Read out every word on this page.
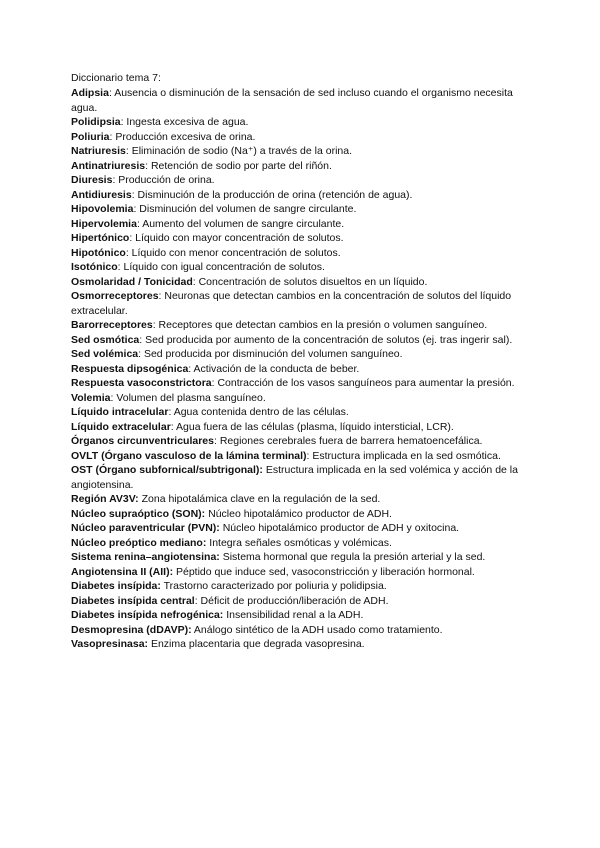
Diccionario tema 7:

Adipsia: Ausencia o disminución de la sensación de sed incluso cuando el organismo necesita agua.

Polidipsia: Ingesta excesiva de agua.

Poliuria: Producción excesiva de orina.

Natriuresis: Eliminación de sodio (Na⁺) a través de la orina.

Antinatriuresis: Retención de sodio por parte del riñón.

Diuresis: Producción de orina.

Antidiuresis: Disminución de la producción de orina (retención de agua).

Hipovolemia: Disminución del volumen de sangre circulante.

Hipervolemia: Aumento del volumen de sangre circulante.

Hipertónico: Líquido con mayor concentración de solutos.

Hipotónico: Líquido con menor concentración de solutos.

Isotónico: Líquido con igual concentración de solutos.

Osmolaridad / Tonicidad: Concentración de solutos disueltos en un líquido.

Osmorreceptores: Neuronas que detectan cambios en la concentración de solutos del líquido extracelular.

Barorreceptores: Receptores que detectan cambios en la presión o volumen sanguíneo.

Sed osmótica: Sed producida por aumento de la concentración de solutos (ej. tras ingerir sal).

Sed volémica: Sed producida por disminución del volumen sanguíneo.

Respuesta dipsogénica: Activación de la conducta de beber.

Respuesta vasoconstrictora: Contracción de los vasos sanguíneos para aumentar la presión.

Volemia: Volumen del plasma sanguíneo.

Líquido intracelular: Agua contenida dentro de las células.

Líquido extracelular: Agua fuera de las células (plasma, líquido intersticial, LCR).

Órganos circunventriculares: Regiones cerebrales fuera de barrera hematoencefálica.

OVLT (Órgano vasculoso de la lámina terminal): Estructura implicada en la sed osmótica.

OST (Órgano subfornical/subtrigonal): Estructura implicada en la sed volémica y acción de la angiotensina.

Región AV3V: Zona hipotalámica clave en la regulación de la sed.

Núcleo supraóptico (SON): Núcleo hipotalámico productor de ADH.

Núcleo paraventricular (PVN): Núcleo hipotalámico productor de ADH y oxitocina.

Núcleo preóptico mediano: Integra señales osmóticas y volémicas.

Sistema renina–angiotensina: Sistema hormonal que regula la presión arterial y la sed.

Angiotensina II (AII): Péptido que induce sed, vasoconstricción y liberación hormonal.

Diabetes insípida: Trastorno caracterizado por poliuria y polidipsia.

Diabetes insípida central: Déficit de producción/liberación de ADH.

Diabetes insípida nefrogénica: Insensibilidad renal a la ADH.

Desmopresina (dDAVP): Análogo sintético de la ADH usado como tratamiento.

Vasopresinasa: Enzima placentaria que degrada vasopresina.
